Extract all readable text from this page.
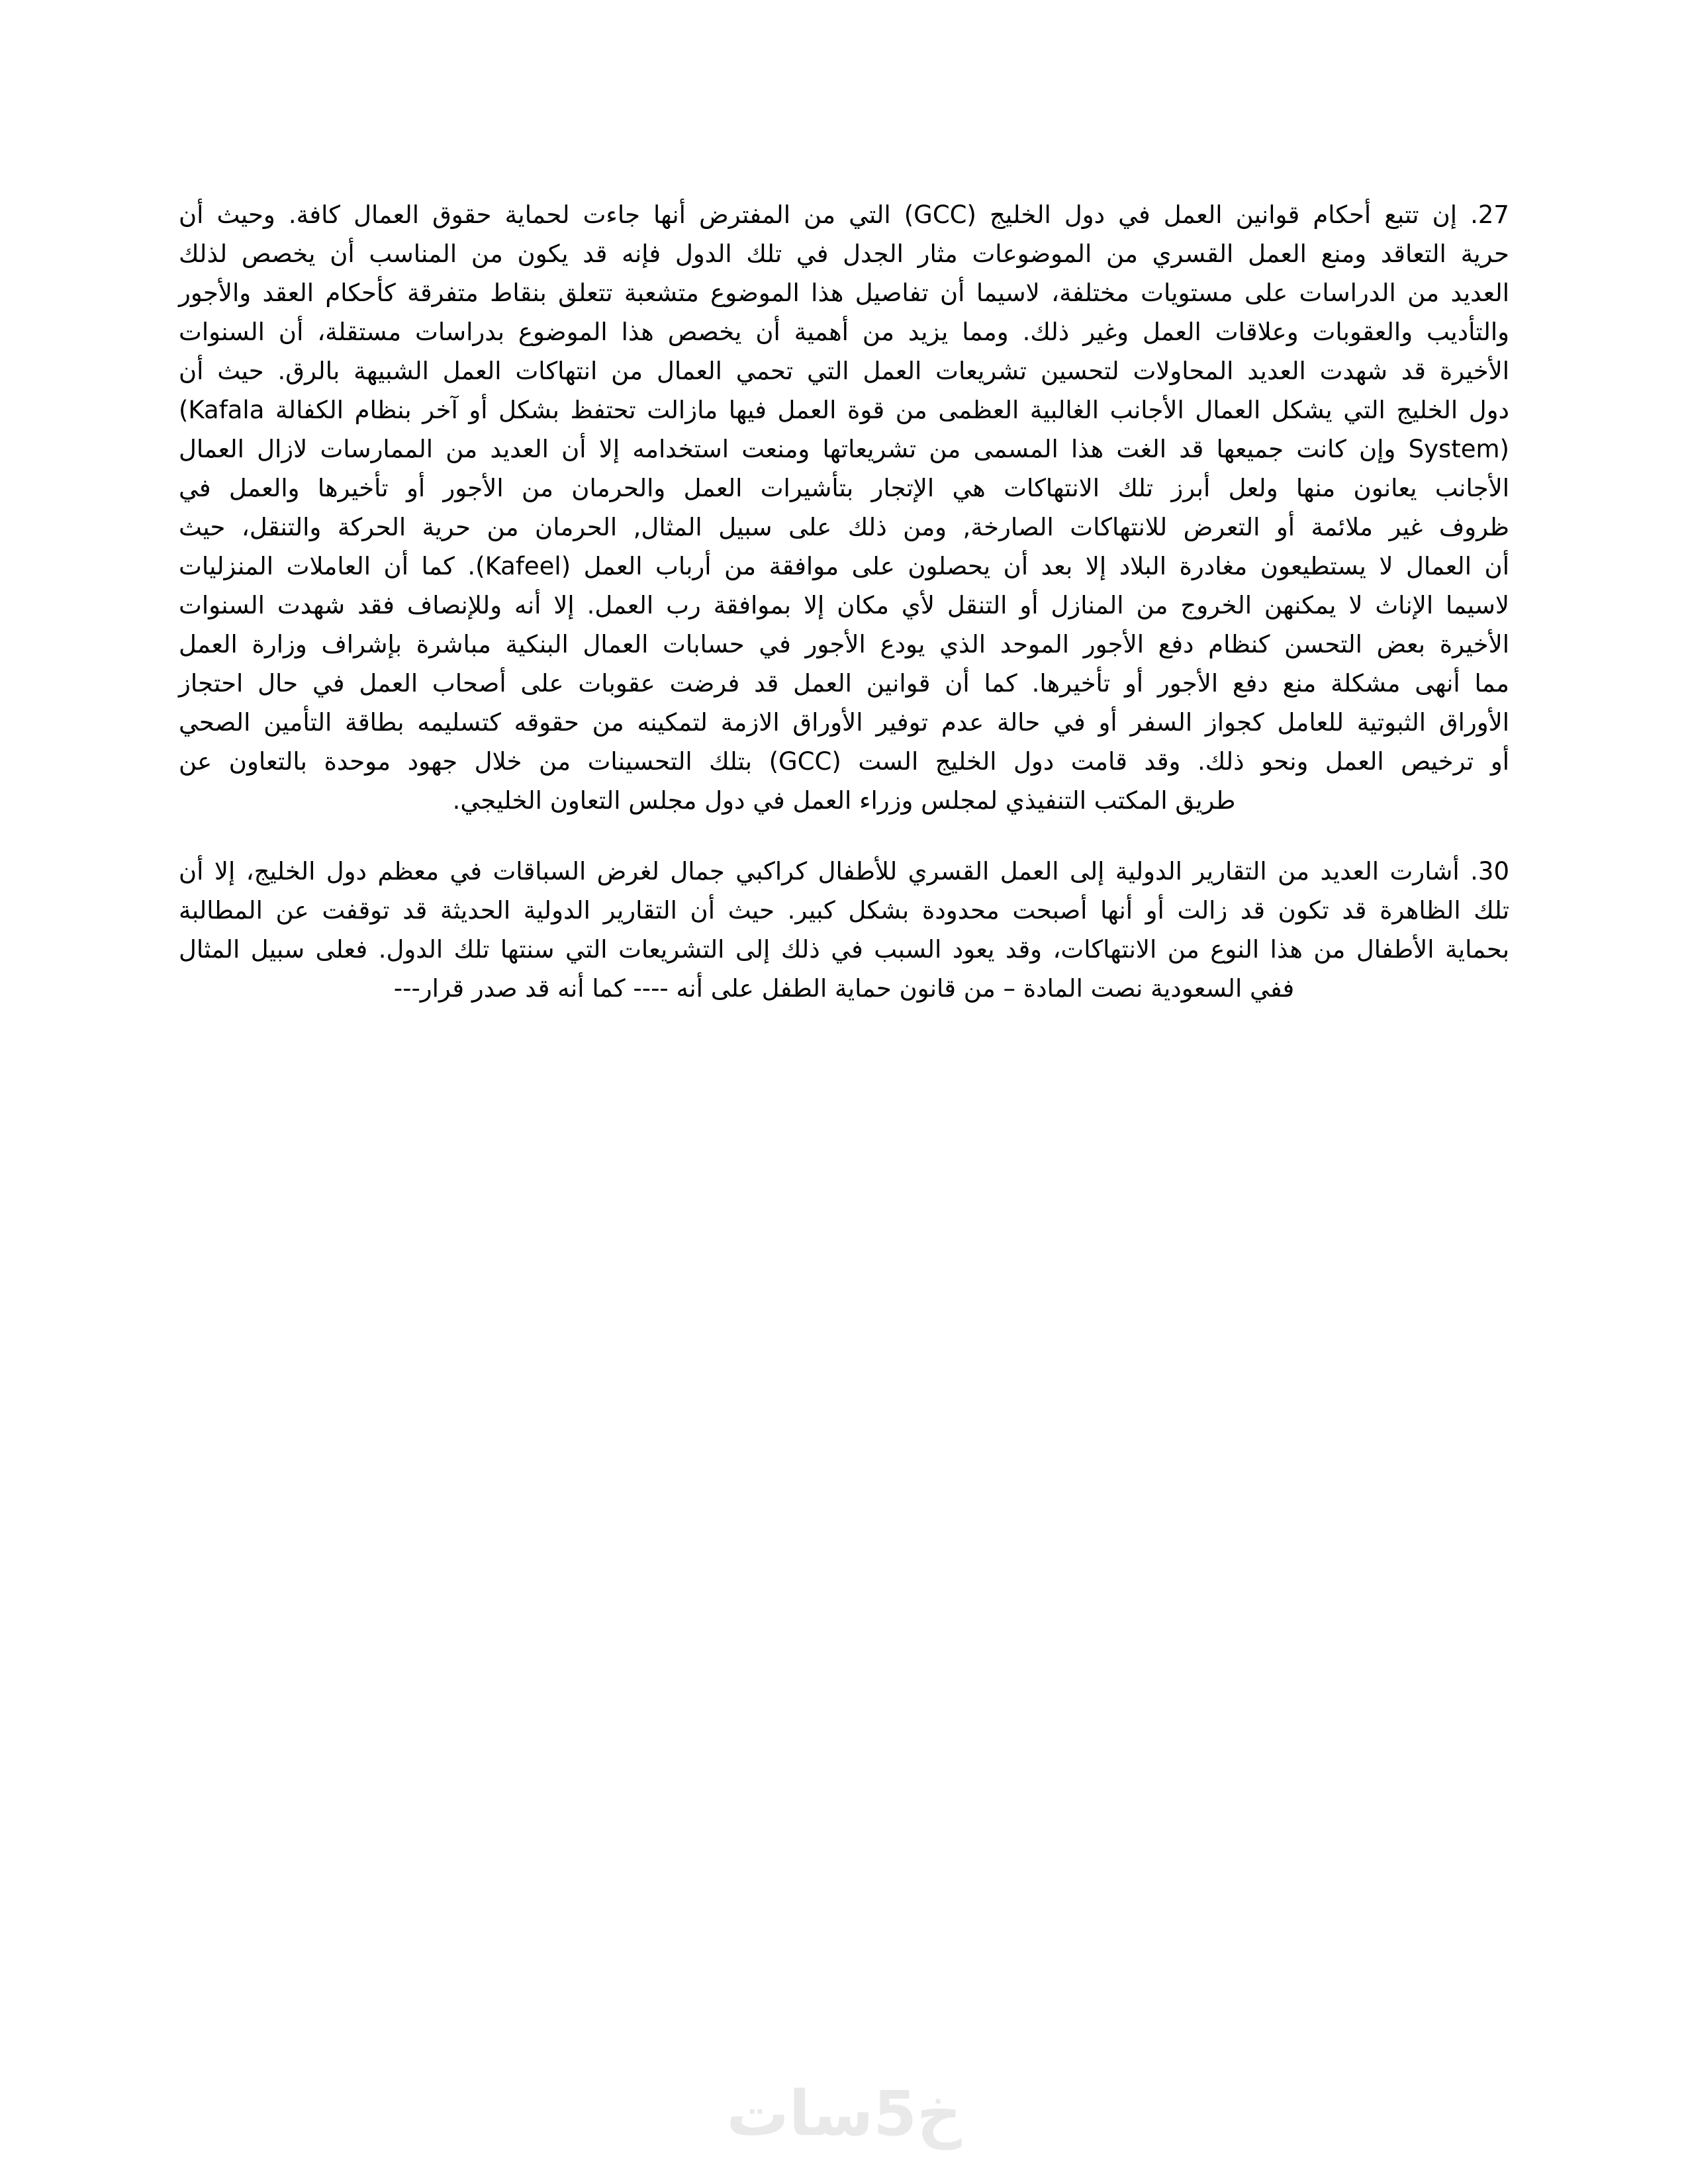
27. إن تتبع أحكام قوانين العمل في دول الخليج (GCC) التي من المفترض أنها جاءت لحماية حقوق العمال كافة. وحيث أن
حرية التعاقد ومنع العمل القسري من الموضوعات مثار الجدل في تلك الدول فإنه قد يكون من المناسب أن يخصص لذلك
العديد من الدراسات على مستويات مختلفة، لاسيما أن تفاصيل هذا الموضوع متشعبة تتعلق بنقاط متفرقة كأحكام العقد والأجور
والتأديب والعقوبات وعلاقات العمل وغير ذلك. ومما يزيد من أهمية أن يخصص هذا الموضوع بدراسات مستقلة، أن السنوات
الأخيرة قد شهدت العديد المحاولات لتحسين تشريعات العمل التي تحمي العمال من انتهاكات العمل الشبيهة بالرق. حيث أن
دول الخليج التي يشكل العمال الأجانب الغالبية العظمى من قوة العمل فيها مازالت تحتفظ بشكل أو آخر بنظام الكفالة ‎(Kafala
System)‎ وإن كانت جميعها قد الغت هذا المسمى من تشريعاتها ومنعت استخدامه إلا أن العديد من الممارسات لازال العمال
الأجانب يعانون منها ولعل أبرز تلك الانتهاكات هي الإتجار بتأشيرات العمل والحرمان من الأجور أو تأخيرها والعمل في
ظروف غير ملائمة أو التعرض للانتهاكات الصارخة, ومن ذلك على سبيل المثال, الحرمان من حرية الحركة والتنقل، حيث
أن العمال لا يستطيعون مغادرة البلاد إلا بعد أن يحصلون على موافقة من أرباب العمل (Kafeel). كما أن العاملات المنزليات
لاسيما الإناث لا يمكنهن الخروج من المنازل أو التنقل لأي مكان إلا بموافقة رب العمل. إلا أنه وللإنصاف فقد شهدت السنوات
الأخيرة بعض التحسن كنظام دفع الأجور الموحد الذي يودع الأجور في حسابات العمال البنكية مباشرة بإشراف وزارة العمل
مما أنهى مشكلة منع دفع الأجور أو تأخيرها. كما أن قوانين العمل قد فرضت عقوبات على أصحاب العمل في حال احتجاز
الأوراق الثبوتية للعامل كجواز السفر أو في حالة عدم توفير الأوراق الازمة لتمكينه من حقوقه كتسليمه بطاقة التأمين الصحي
أو ترخيص العمل ونحو ذلك. وقد قامت دول الخليج الست (GCC) بتلك التحسينات من خلال جهود موحدة بالتعاون عن
طريق المكتب التنفيذي لمجلس وزراء العمل في دول مجلس التعاون الخليجي.
30. أشارت العديد من التقارير الدولية إلى العمل القسري للأطفال كراكبي جمال لغرض السباقات في معظم دول الخليج، إلا أن
تلك الظاهرة قد تكون قد زالت أو أنها أصبحت محدودة بشكل كبير. حيث أن التقارير الدولية الحديثة قد توقفت عن المطالبة
بحماية الأطفال من هذا النوع من الانتهاكات، وقد يعود السبب في ذلك إلى التشريعات التي سنتها تلك الدول. فعلى سبيل المثال
ففي السعودية نصت المادة – من قانون حماية الطفل على أنه ---- كما أنه قد صدر قرار---
خ5سات
